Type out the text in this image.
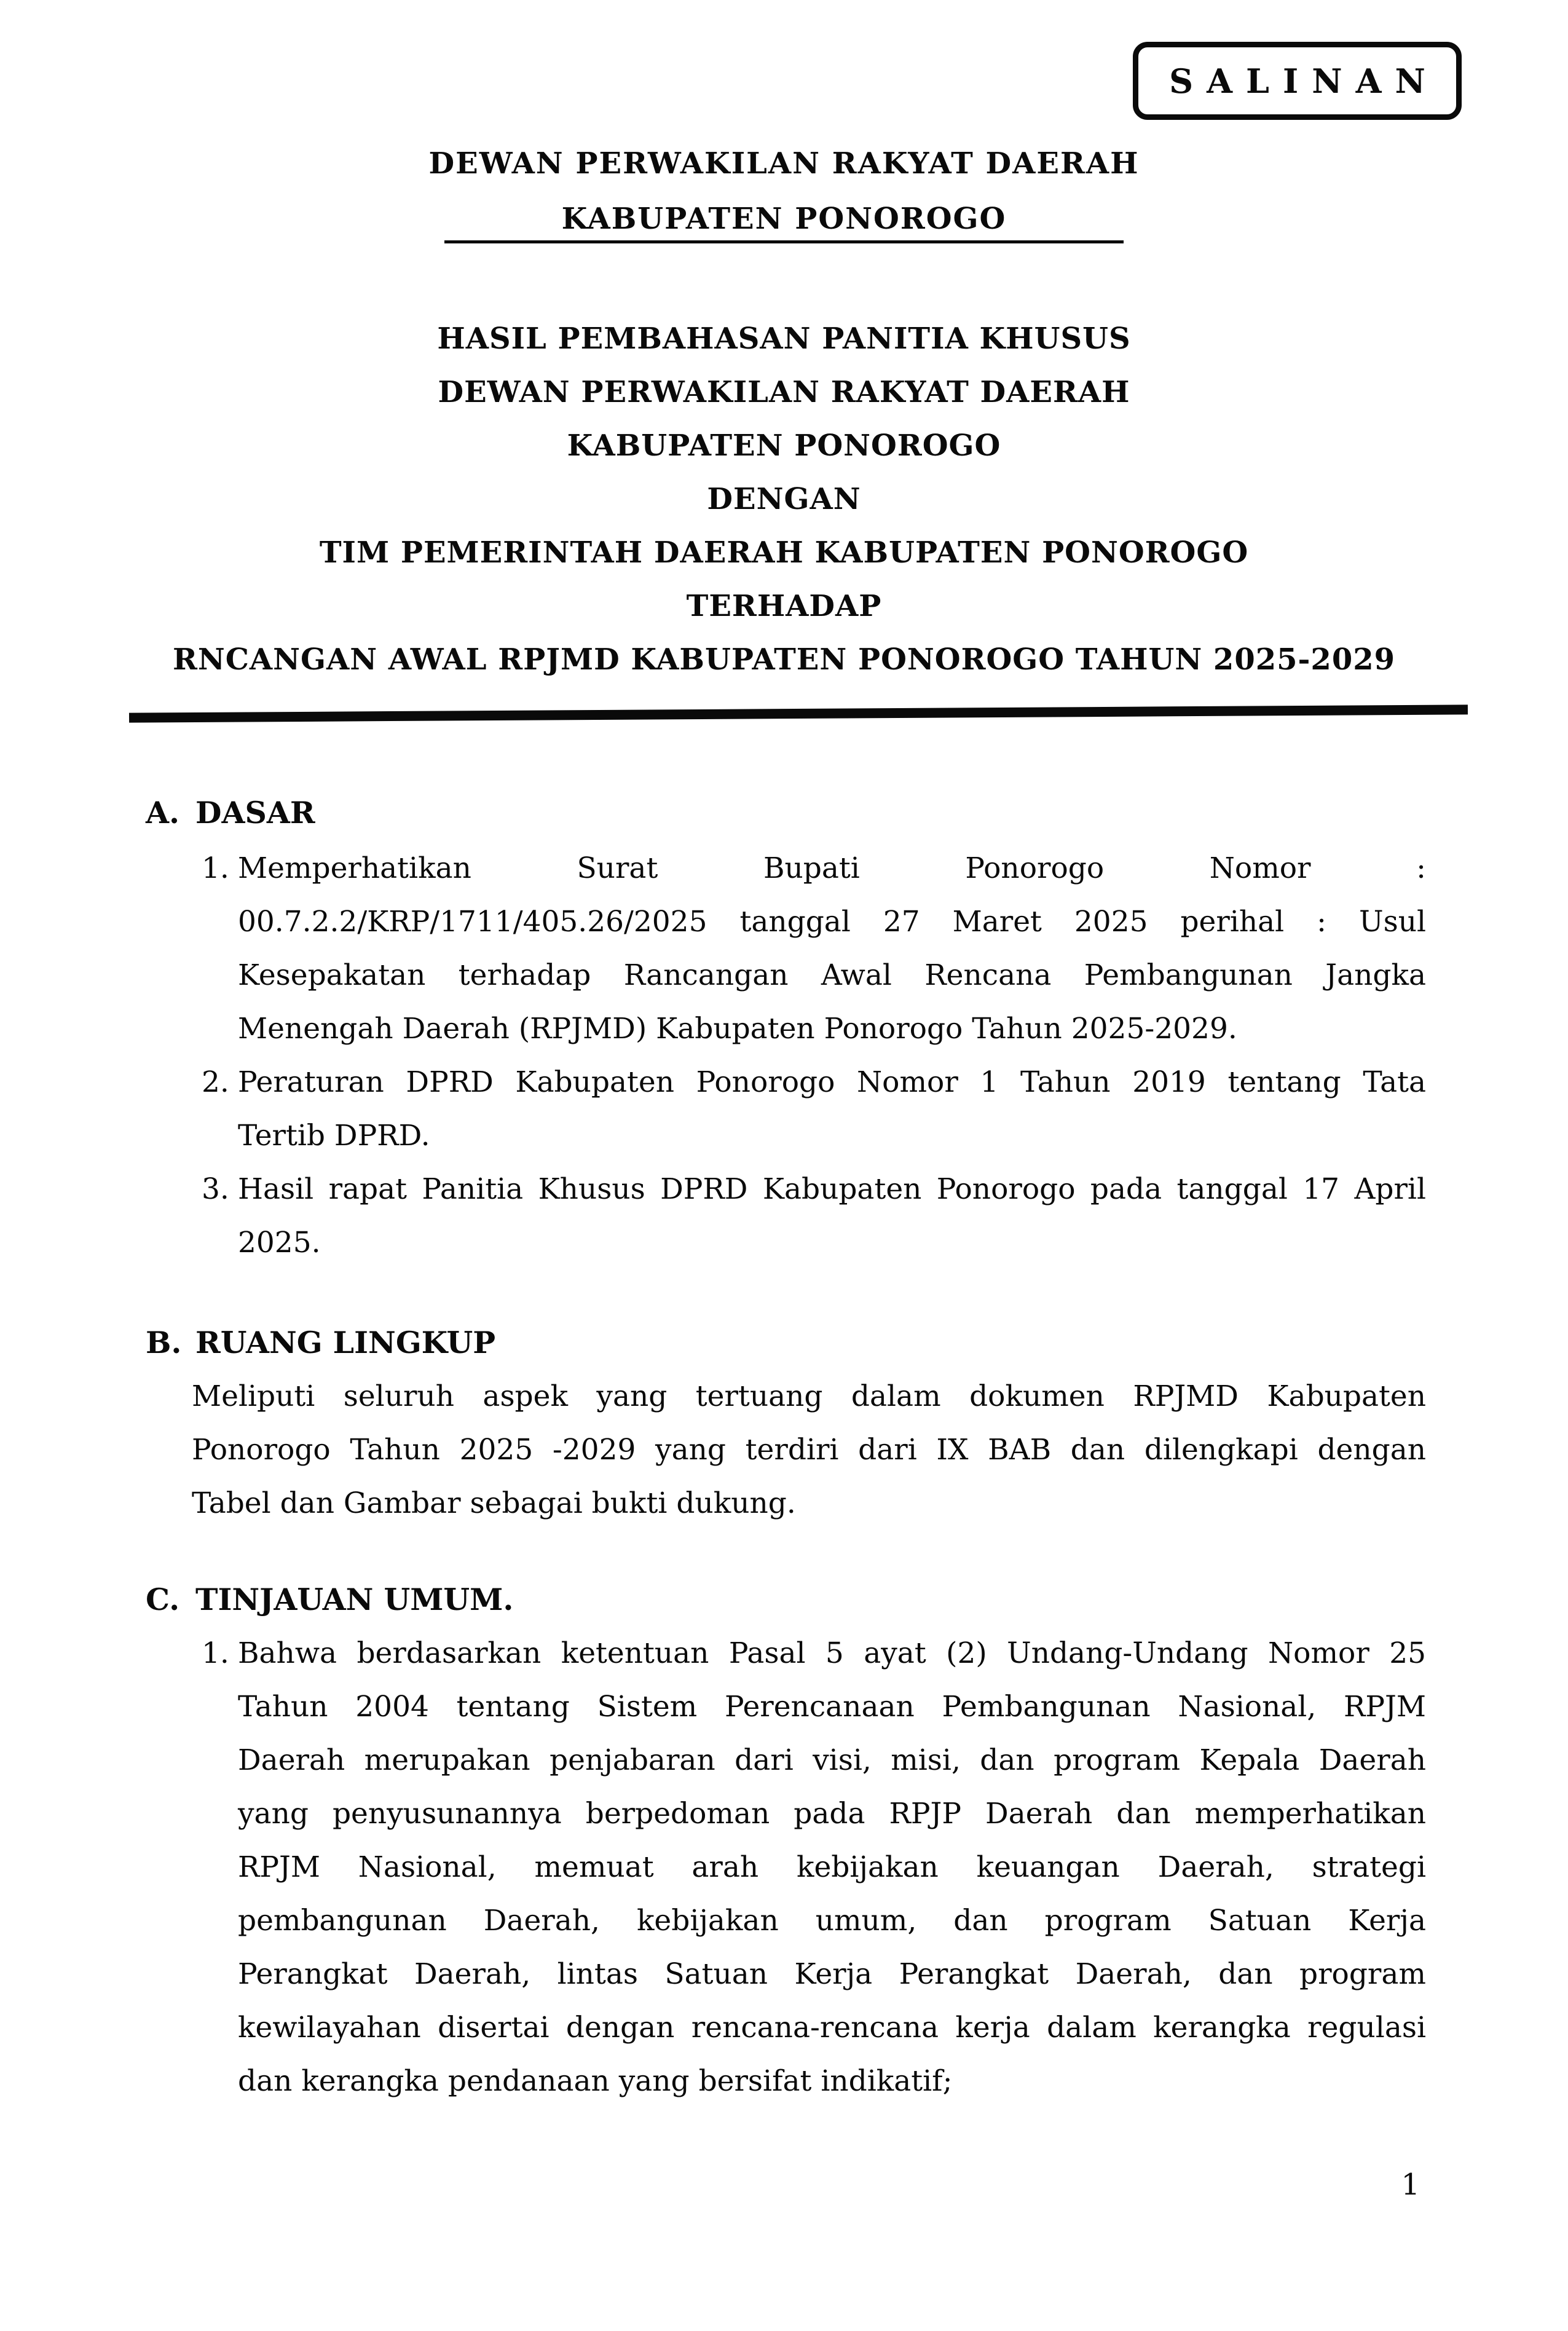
SALINAN
DEWAN PERWAKILAN RAKYAT DAERAH
KABUPATEN PONOROGO
HASIL PEMBAHASAN PANITIA KHUSUS
DEWAN PERWAKILAN RAKYAT DAERAH
KABUPATEN PONOROGO
DENGAN
TIM PEMERINTAH DAERAH KABUPATEN PONOROGO
TERHADAP
RNCANGAN AWAL RPJMD KABUPATEN PONOROGO TAHUN 2025-2029
A. DASAR
1. Memperhatikan Surat Bupati Ponorogo Nomor :
00.7.2.2/KRP/1711/405.26/2025 tanggal 27 Maret 2025 perihal : Usul
Kesepakatan terhadap Rancangan Awal Rencana Pembangunan Jangka
Menengah Daerah (RPJMD) Kabupaten Ponorogo Tahun 2025-2029.
2. Peraturan DPRD Kabupaten Ponorogo Nomor 1 Tahun 2019 tentang Tata
Tertib DPRD.
3. Hasil rapat Panitia Khusus DPRD Kabupaten Ponorogo pada tanggal 17 April
2025.
B. RUANG LINGKUP
Meliputi seluruh aspek yang tertuang dalam dokumen RPJMD Kabupaten
Ponorogo Tahun 2025 -2029 yang terdiri dari IX BAB dan dilengkapi dengan
Tabel dan Gambar sebagai bukti dukung.
C. TINJAUAN UMUM.
1. Bahwa berdasarkan ketentuan Pasal 5 ayat (2) Undang-Undang Nomor 25
Tahun 2004 tentang Sistem Perencanaan Pembangunan Nasional, RPJM
Daerah merupakan penjabaran dari visi, misi, dan program Kepala Daerah
yang penyusunannya berpedoman pada RPJP Daerah dan memperhatikan
RPJM Nasional, memuat arah kebijakan keuangan Daerah, strategi
pembangunan Daerah, kebijakan umum, dan program Satuan Kerja
Perangkat Daerah, lintas Satuan Kerja Perangkat Daerah, dan program
kewilayahan disertai dengan rencana-rencana kerja dalam kerangka regulasi
dan kerangka pendanaan yang bersifat indikatif;
1
